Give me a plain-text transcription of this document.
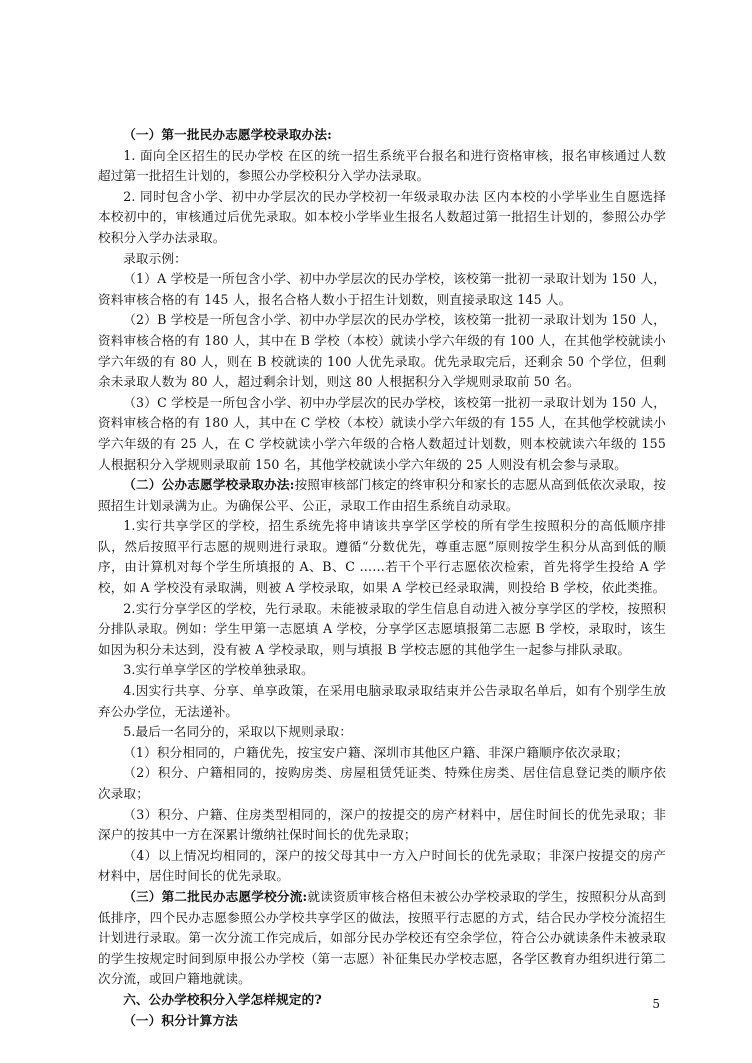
（一）第一批民办志愿学校录取办法:

1. 面向全区招生的民办学校 在区的统一招生系统平台报名和进行资格审核，报名审核通过人数超过第一批招生计划的，参照公办学校积分入学办法录取。

2. 同时包含小学、初中办学层次的民办学校初一年级录取办法 区内本校的小学毕业生自愿选择本校初中的，审核通过后优先录取。如本校小学毕业生报名人数超过第一批招生计划的，参照公办学校积分入学办法录取。

录取示例：

（1）A 学校是一所包含小学、初中办学层次的民办学校，该校第一批初一录取计划为 150 人，资料审核合格的有 145 人，报名合格人数小于招生计划数，则直接录取这 145 人。

（2）B 学校是一所包含小学、初中办学层次的民办学校，该校第一批初一录取计划为 150 人，资料审核合格的有 180 人，其中在 B 学校（本校）就读小学六年级的有 100 人，在其他学校就读小学六年级的有 80 人，则在 B 校就读的 100 人优先录取。优先录取完后，还剩余 50 个学位，但剩余未录取人数为 80 人，超过剩余计划，则这 80 人根据积分入学规则录取前 50 名。

（3）C 学校是一所包含小学、初中办学层次的民办学校，该校第一批初一录取计划为 150 人，资料审核合格的有 180 人，其中在 C 学校（本校）就读小学六年级的有 155 人，在其他学校就读小学六年级的有 25 人，在 C 学校就读小学六年级的合格人数超过计划数，则本校就读六年级的 155 人根据积分入学规则录取前 150 名，其他学校就读小学六年级的 25 人则没有机会参与录取。

（二）公办志愿学校录取办法:按照审核部门核定的终审积分和家长的志愿从高到低依次录取，按照招生计划录满为止。为确保公平、公正，录取工作由招生系统自动录取。

1.实行共享学区的学校，招生系统先将申请该共享学区学校的所有学生按照积分的高低顺序排队，然后按照平行志愿的规则进行录取。遵循“分数优先，尊重志愿”原则按学生积分从高到低的顺序，由计算机对每个学生所填报的 A、B、C ……若干个平行志愿依次检索，首先将学生投给 A 学校，如 A 学校没有录取满，则被 A 学校录取，如果 A 学校已经录取满，则投给 B 学校，依此类推。

2.实行分享学区的学校，先行录取。未能被录取的学生信息自动进入被分享学区的学校，按照积分排队录取。例如：学生甲第一志愿填 A 学校，分享学区志愿填报第二志愿 B 学校，录取时，该生如因为积分未达到，没有被 A 学校录取，则与填报 B 学校志愿的其他学生一起参与排队录取。

3.实行单享学区的学校单独录取。

4.因实行共享、分享、单享政策，在采用电脑录取录取结束并公告录取名单后，如有个别学生放弃公办学位，无法递补。

5.最后一名同分的，采取以下规则录取：

（1）积分相同的，户籍优先，按宝安户籍、深圳市其他区户籍、非深户籍顺序依次录取；

（2）积分、户籍相同的，按购房类、房屋租赁凭证类、特殊住房类、居住信息登记类的顺序依次录取；

（3）积分、户籍、住房类型相同的，深户的按提交的房产材料中，居住时间长的优先录取；非深户的按其中一方在深累计缴纳社保时间长的优先录取；

（4）以上情况均相同的，深户的按父母其中一方入户时间长的优先录取；非深户按提交的房产材料中，居住时间长的优先录取。

（三）第二批民办志愿学校分流:就读资质审核合格但未被公办学校录取的学生，按照积分从高到低排序，四个民办志愿参照公办学校共享学区的做法，按照平行志愿的方式，结合民办学校分流招生计划进行录取。第一次分流工作完成后，如部分民办学校还有空余学位，符合公办就读条件未被录取的学生按规定时间到原申报公办学校（第一志愿）补征集民办学校志愿，各学区教育办组织进行第二次分流，或回户籍地就读。

六、公办学校积分入学怎样规定的?
（一）积分计算方法
5
